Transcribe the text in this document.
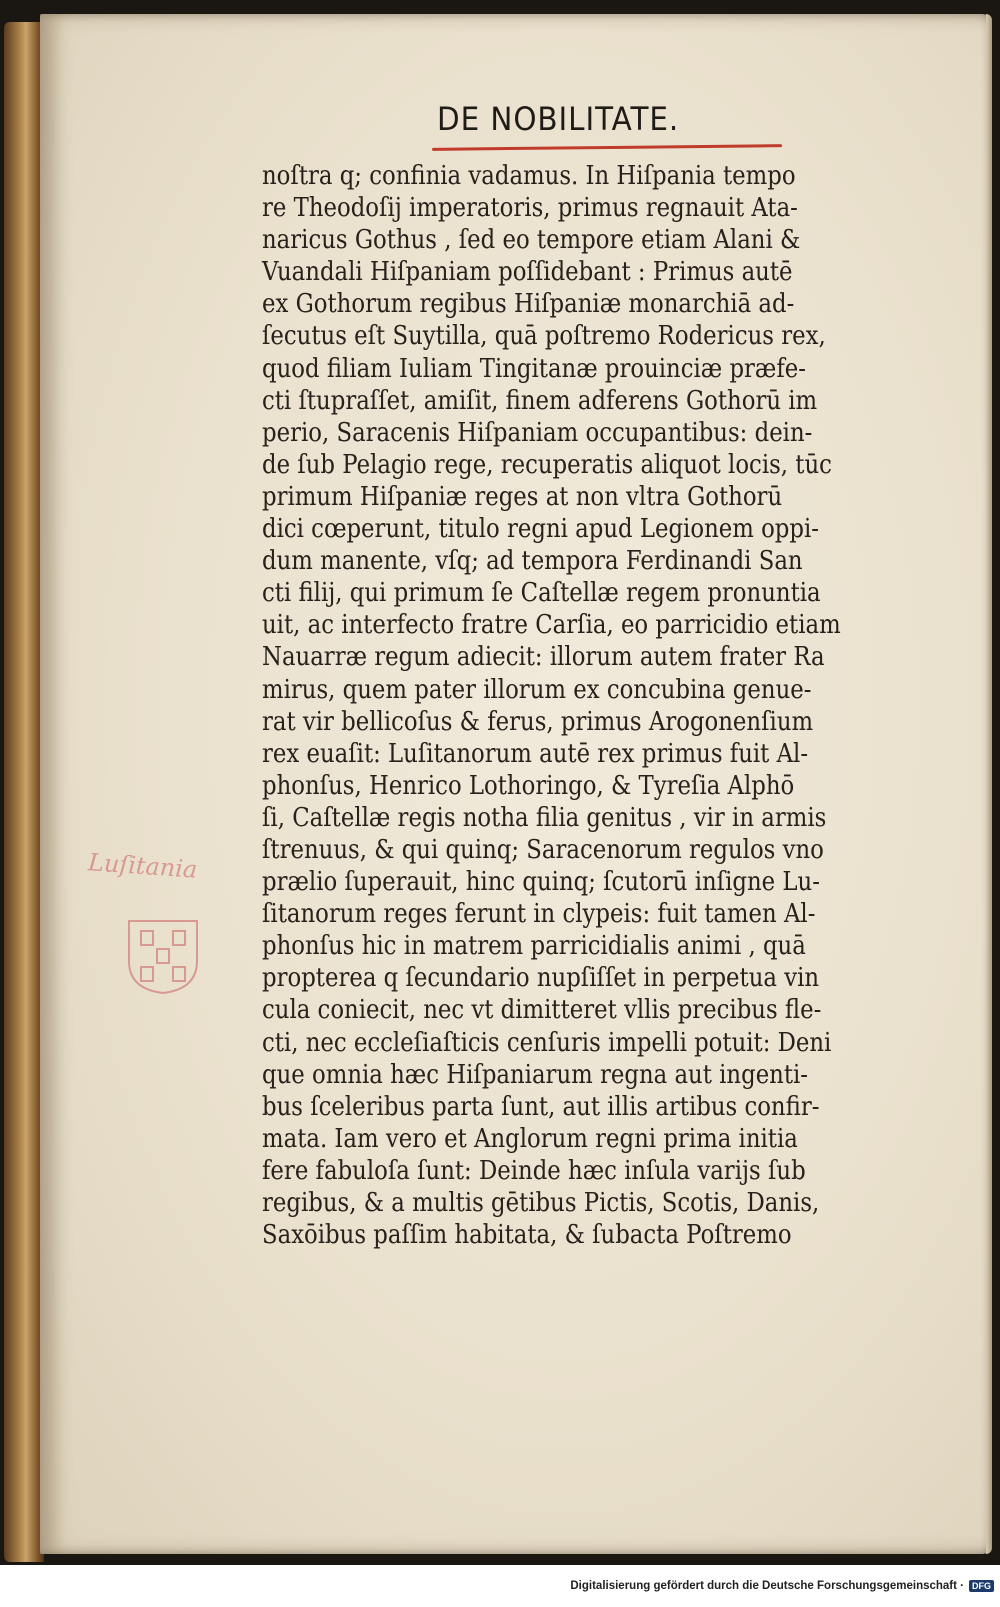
DE NOBILITATE.
noſtra q; confinia vadamus. In Hiſpania tempo
re Theodoſij imperatoris, primus regnauit Ata-
naricus Gothus , ſed eo tempore etiam Alani &
Vuandali Hiſpaniam poſſidebant : Primus autē
ex Gothorum regibus Hiſpaniæ monarchiā ad-
ſecutus eſt Suytilla, quā poſtremo Rodericus rex,
quod filiam Iuliam Tingitanæ prouinciæ præfe-
cti ſtupraſſet, amiſit, finem adferens Gothorū im
perio, Saracenis Hiſpaniam occupantibus: dein-
de ſub Pelagio rege, recuperatis aliquot locis, tūc
primum Hiſpaniæ reges at non vltra Gothorū
dici cœperunt, titulo regni apud Legionem oppi-
dum manente, vſq; ad tempora Ferdinandi San
cti filij, qui primum ſe Caſtellæ regem pronuntia
uit, ac interfecto fratre Carſia, eo parricidio etiam
Nauarræ regum adiecit: illorum autem frater Ra
mirus, quem pater illorum ex concubina genue-
rat vir bellicoſus & ferus, primus Arogonenſium
rex euaſit: Luſitanorum autē rex primus fuit Al-
phonſus, Henrico Lothoringo, & Tyreſia Alphō
ſi, Caſtellæ regis notha filia genitus , vir in armis
ſtrenuus, & qui quinq; Saracenorum regulos vno
prælio ſuperauit, hinc quinq; ſcutorū inſigne Lu-
ſitanorum reges ferunt in clypeis: fuit tamen Al-
phonſus hic in matrem parricidialis animi , quā
propterea q ſecundario nupſiſſet in perpetua vin
cula coniecit, nec vt dimitteret vllis precibus fle-
cti, nec eccleſiaſticis cenſuris impelli potuit: Deni
que omnia hæc Hiſpaniarum regna aut ingenti-
bus ſceleribus parta ſunt, aut illis artibus confir-
mata. Iam vero et Anglorum regni prima initia
fere fabuloſa ſunt: Deinde hæc inſula varijs ſub
regibus, & a multis gētibus Pictis, Scotis, Danis,
Saxōibus paſſim habitata, & ſubacta Poſtremo
Luſitania
Digitalisierung gefördert durch die Deutsche Forschungsgemeinschaft · DFG
